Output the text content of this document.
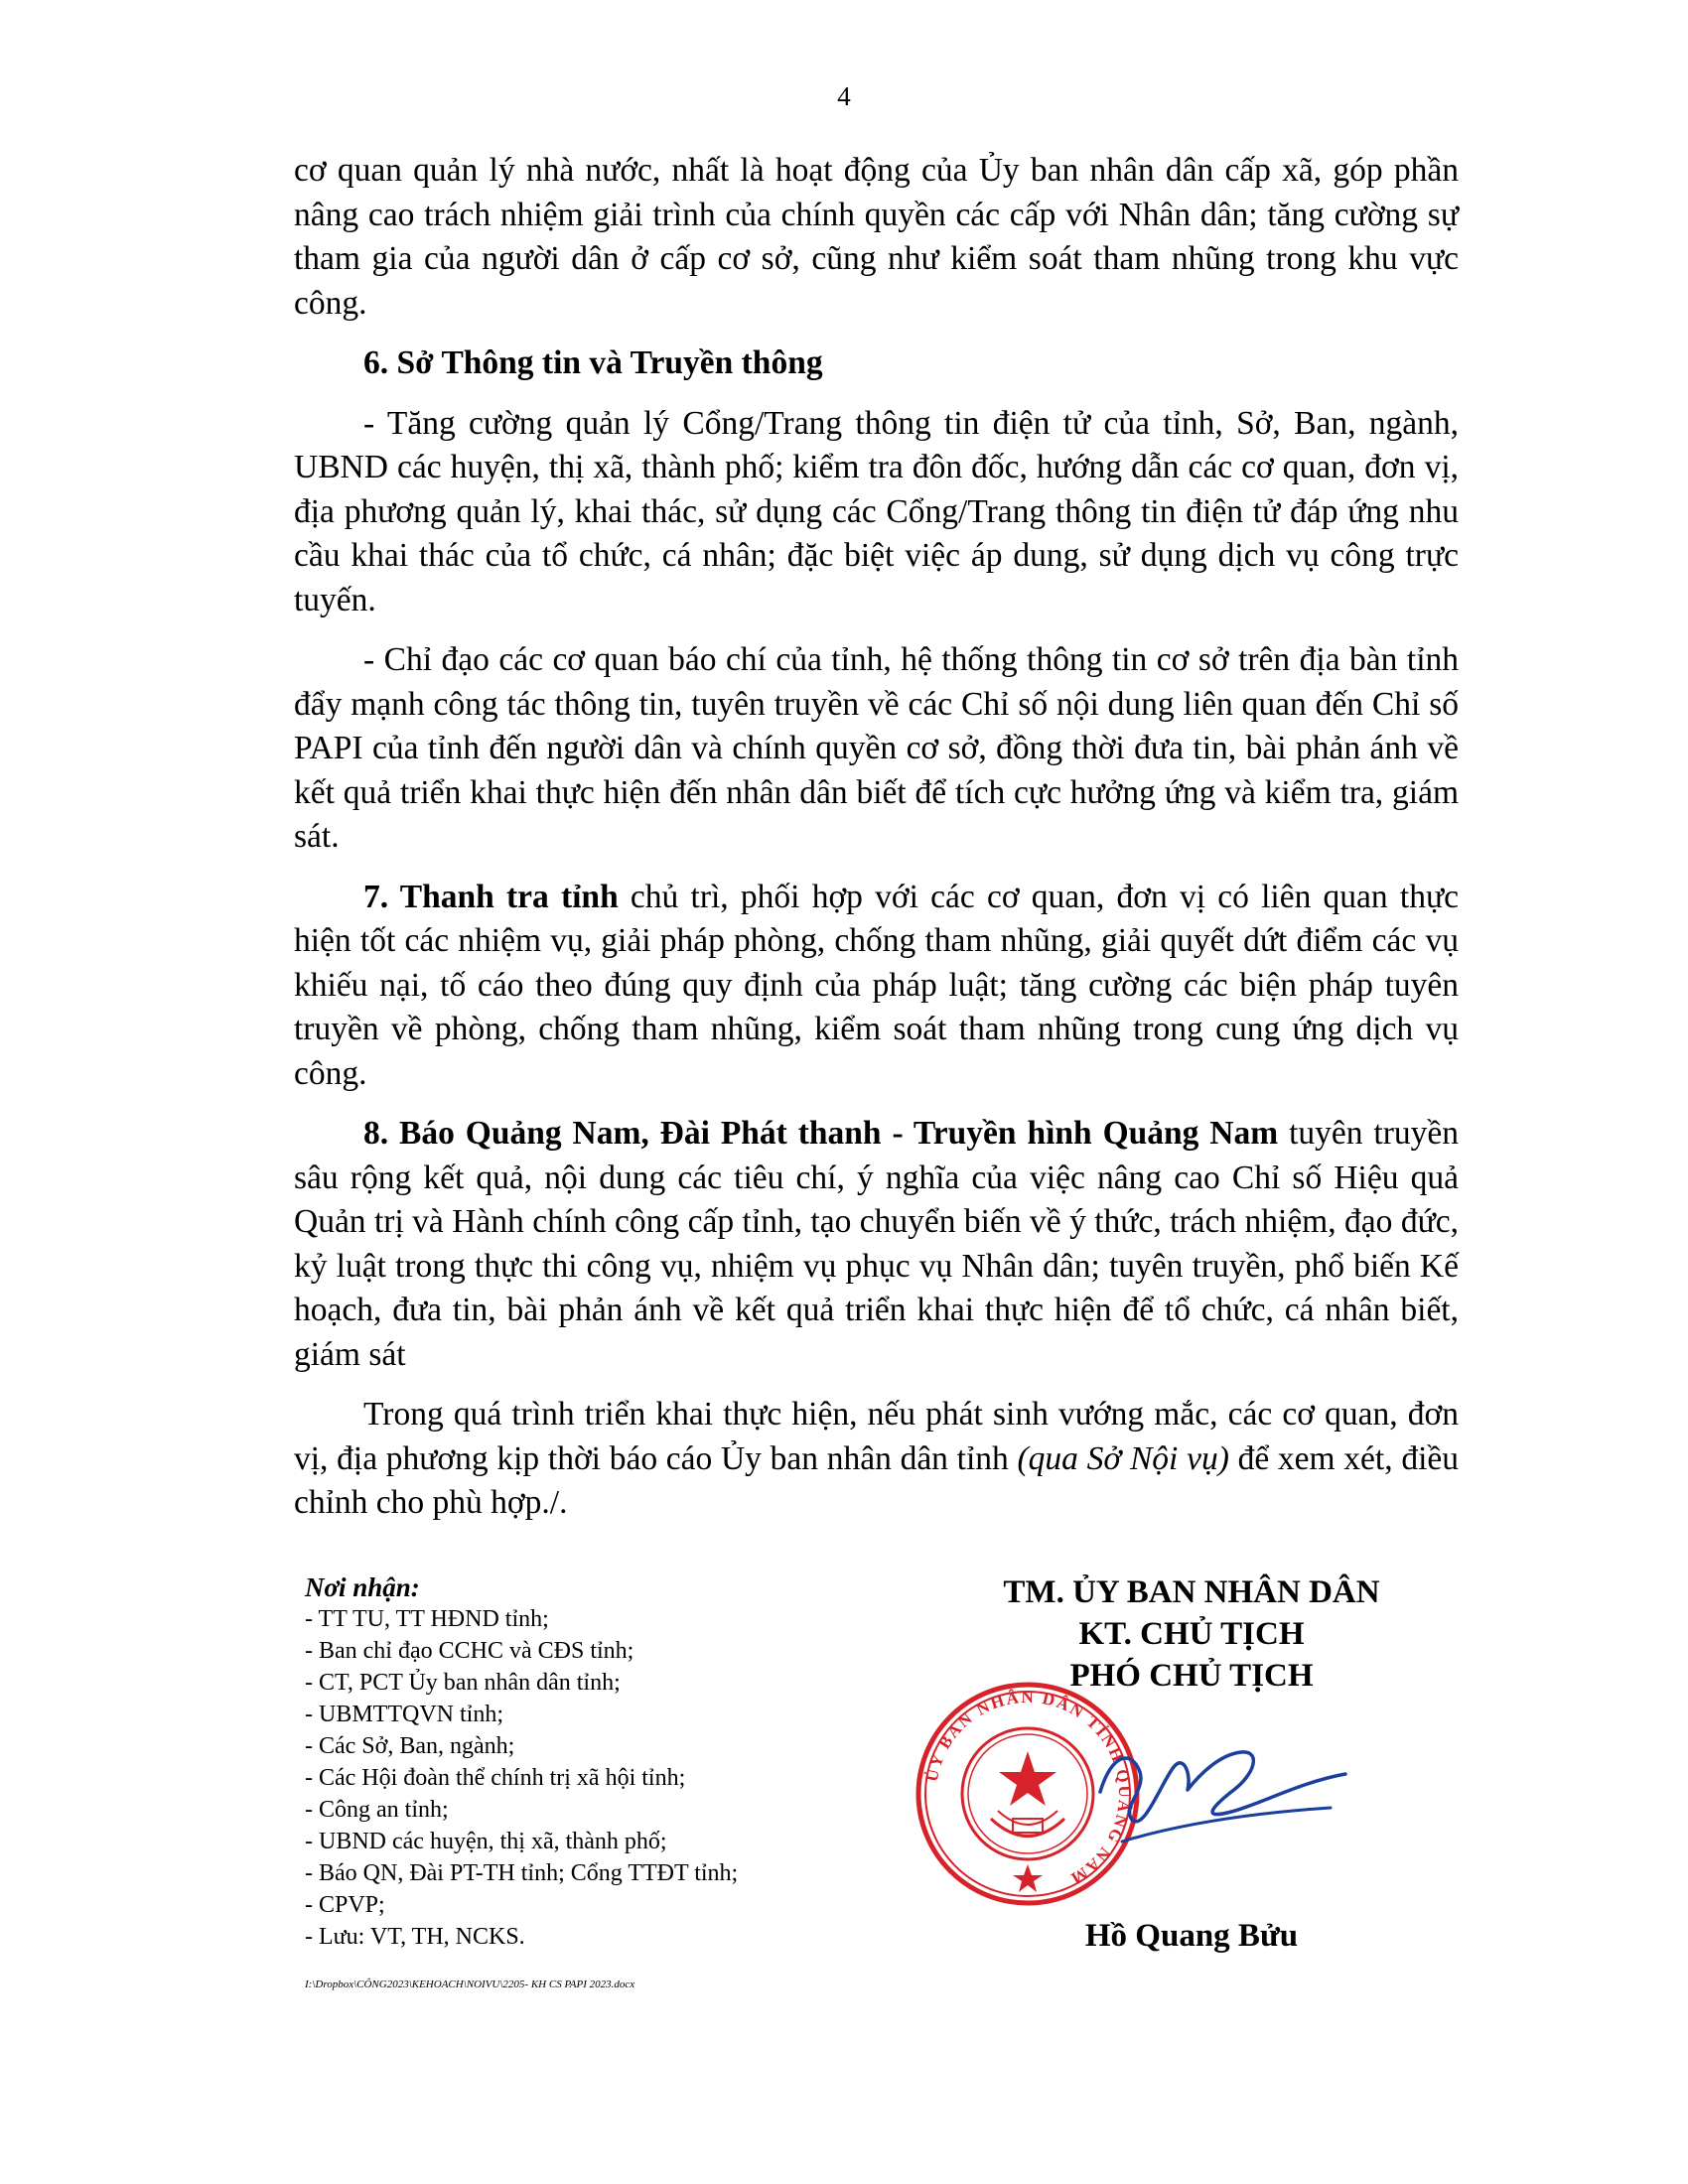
4

cơ quan quản lý nhà nước, nhất là hoạt động của Ủy ban nhân dân cấp xã, góp phần nâng cao trách nhiệm giải trình của chính quyền các cấp với Nhân dân; tăng cường sự tham gia của người dân ở cấp cơ sở, cũng như kiểm soát tham nhũng trong khu vực công.

6. Sở Thông tin và Truyền thông

- Tăng cường quản lý Cổng/Trang thông tin điện tử của tỉnh, Sở, Ban, ngành, UBND các huyện, thị xã, thành phố; kiểm tra đôn đốc, hướng dẫn các cơ quan, đơn vị, địa phương quản lý, khai thác, sử dụng các Cổng/Trang thông tin điện tử đáp ứng nhu cầu khai thác của tổ chức, cá nhân; đặc biệt việc áp dung, sử dụng dịch vụ công trực tuyến.

- Chỉ đạo các cơ quan báo chí của tỉnh, hệ thống thông tin cơ sở trên địa bàn tỉnh đẩy mạnh công tác thông tin, tuyên truyền về các Chỉ số nội dung liên quan đến Chỉ số PAPI của tỉnh đến người dân và chính quyền cơ sở, đồng thời đưa tin, bài phản ánh về kết quả triển khai thực hiện đến nhân dân biết để tích cực hưởng ứng và kiểm tra, giám sát.

7. Thanh tra tỉnh chủ trì, phối hợp với các cơ quan, đơn vị có liên quan thực hiện tốt các nhiệm vụ, giải pháp phòng, chống tham nhũng, giải quyết dứt điểm các vụ khiếu nại, tố cáo theo đúng quy định của pháp luật; tăng cường các biện pháp tuyên truyền về phòng, chống tham nhũng, kiểm soát tham nhũng trong cung ứng dịch vụ công.

8. Báo Quảng Nam, Đài Phát thanh - Truyền hình Quảng Nam tuyên truyền sâu rộng kết quả, nội dung các tiêu chí, ý nghĩa của việc nâng cao Chỉ số Hiệu quả Quản trị và Hành chính công cấp tỉnh, tạo chuyển biến về ý thức, trách nhiệm, đạo đức, kỷ luật trong thực thi công vụ, nhiệm vụ phục vụ Nhân dân; tuyên truyền, phổ biến Kế hoạch, đưa tin, bài phản ánh về kết quả triển khai thực hiện để tổ chức, cá nhân biết, giám sát

Trong quá trình triển khai thực hiện, nếu phát sinh vướng mắc, các cơ quan, đơn vị, địa phương kịp thời báo cáo Ủy ban nhân dân tỉnh (qua Sở Nội vụ) để xem xét, điều chỉnh cho phù hợp./.

Nơi nhận:
- TT TU, TT HĐND tỉnh;
- Ban chỉ đạo CCHC và CĐS tỉnh;
- CT, PCT Ủy ban nhân dân tỉnh;
- UBMTTQVN tỉnh;
- Các Sở, Ban, ngành;
- Các Hội đoàn thể chính trị xã hội tỉnh;
- Công an tỉnh;
- UBND các huyện, thị xã, thành phố;
- Báo QN, Đài PT-TH tỉnh; Cổng TTĐT tỉnh;
- CPVP;
- Lưu: VT, TH, NCKS.
I:\Dropbox\CÔNG2023\KEHOACH\NOIVU\2205- KH CS PAPI 2023.docx
TM. ỦY BAN NHÂN DÂN
KT. CHỦ TỊCH
PHÓ CHỦ TỊCH
ỦY BAN NHÂN DÂN TỈNH QUẢNG NAM
Hồ Quang Bửu
